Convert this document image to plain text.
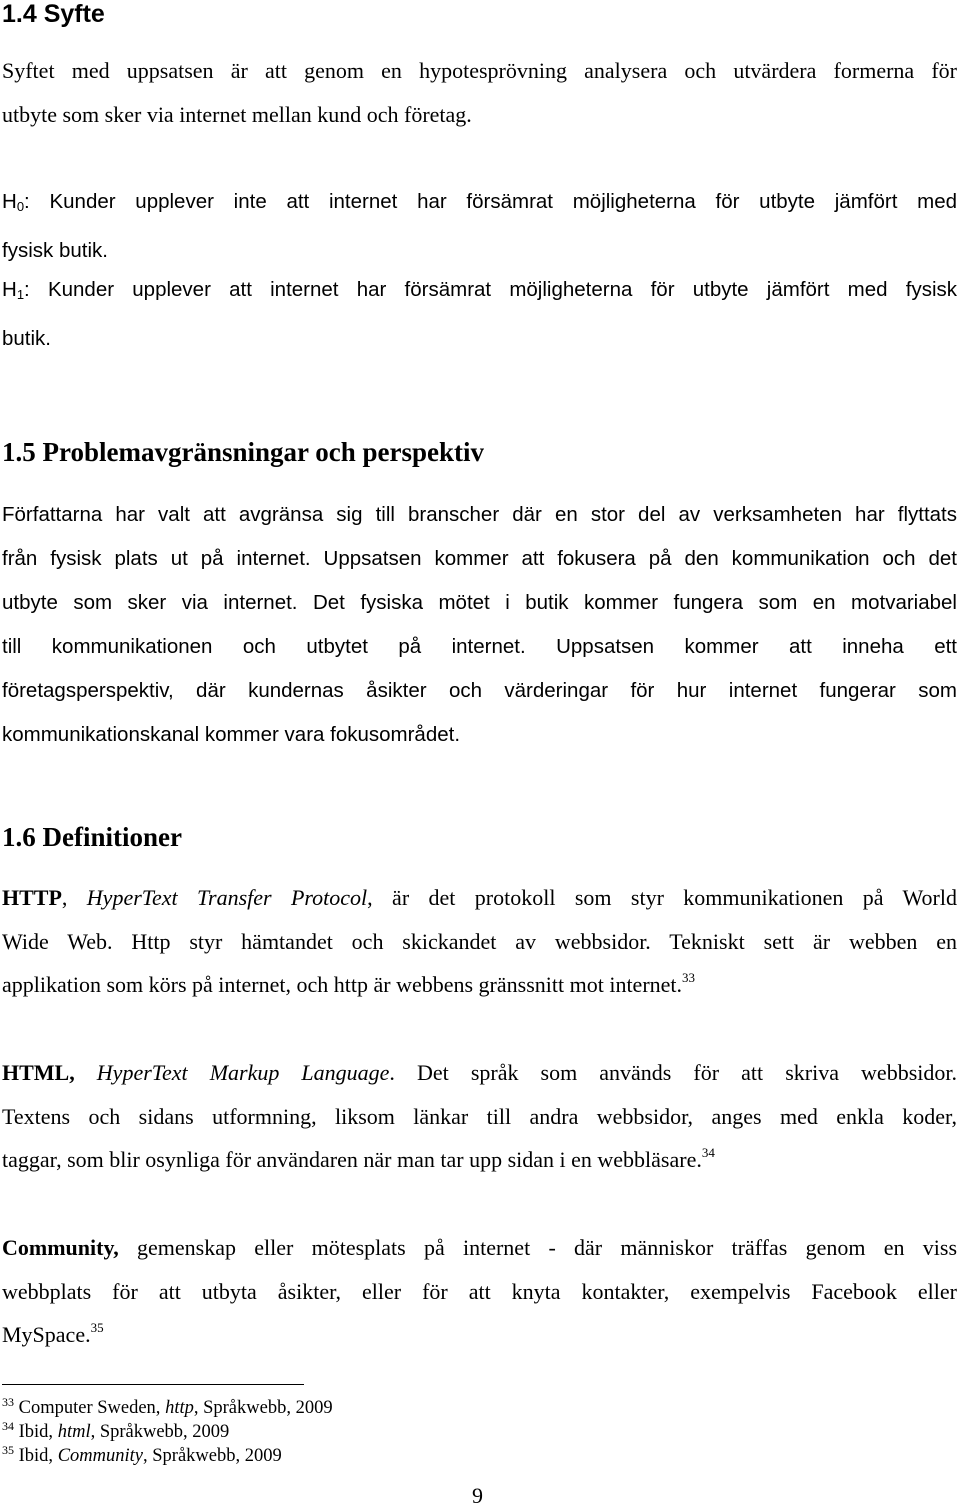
1.4 Syfte

Syftet med uppsatsen är att genom en hypotesprövning analysera och utvärdera formerna för
utbyte som sker via internet mellan kund och företag.

$H_0$: Kunder upplever inte att internet har försämrat möjligheterna för utbyte jämfört med
fysisk butik.

$H_1$: Kunder upplever att internet har försämrat möjligheterna för utbyte jämfört med fysisk
butik.

1.5 Problemavgränsningar och perspektiv

Författarna har valt att avgränsa sig till branscher där en stor del av verksamheten har flyttats
från fysisk plats ut på internet. Uppsatsen kommer att fokusera på den kommunikation och det
utbyte som sker via internet. Det fysiska mötet i butik kommer fungera som en motvariabel
till kommunikationen och utbytet på internet. Uppsatsen kommer att inneha ett
företagsperspektiv, där kundernas åsikter och värderingar för hur internet fungerar som
kommunikationskanal kommer vara fokusområdet.

1.6 Definitioner

HTTP, HyperText Transfer Protocol, är det protokoll som styr kommunikationen på World
Wide Web. Http styr hämtandet och skickandet av webbsidor. Tekniskt sett är webben en
applikation som körs på internet, och http är webbens gränssnitt mot internet.$^{33}$

HTML, HyperText Markup Language. Det språk som används för att skriva webbsidor.
Textens och sidans utformning, liksom länkar till andra webbsidor, anges med enkla koder,
taggar, som blir osynliga för användaren när man tar upp sidan i en webbläsare.$^{34}$

Community, gemenskap eller mötesplats på internet - där människor träffas genom en viss
webbplats för att utbyta åsikter, eller för att knyta kontakter, exempelvis Facebook eller
MySpace.$^{35}$

$^{33}$ Computer Sweden, http, Språkwebb, 2009
$^{34}$ Ibid, html, Språkwebb, 2009
$^{35}$ Ibid, Community, Språkwebb, 2009
9
